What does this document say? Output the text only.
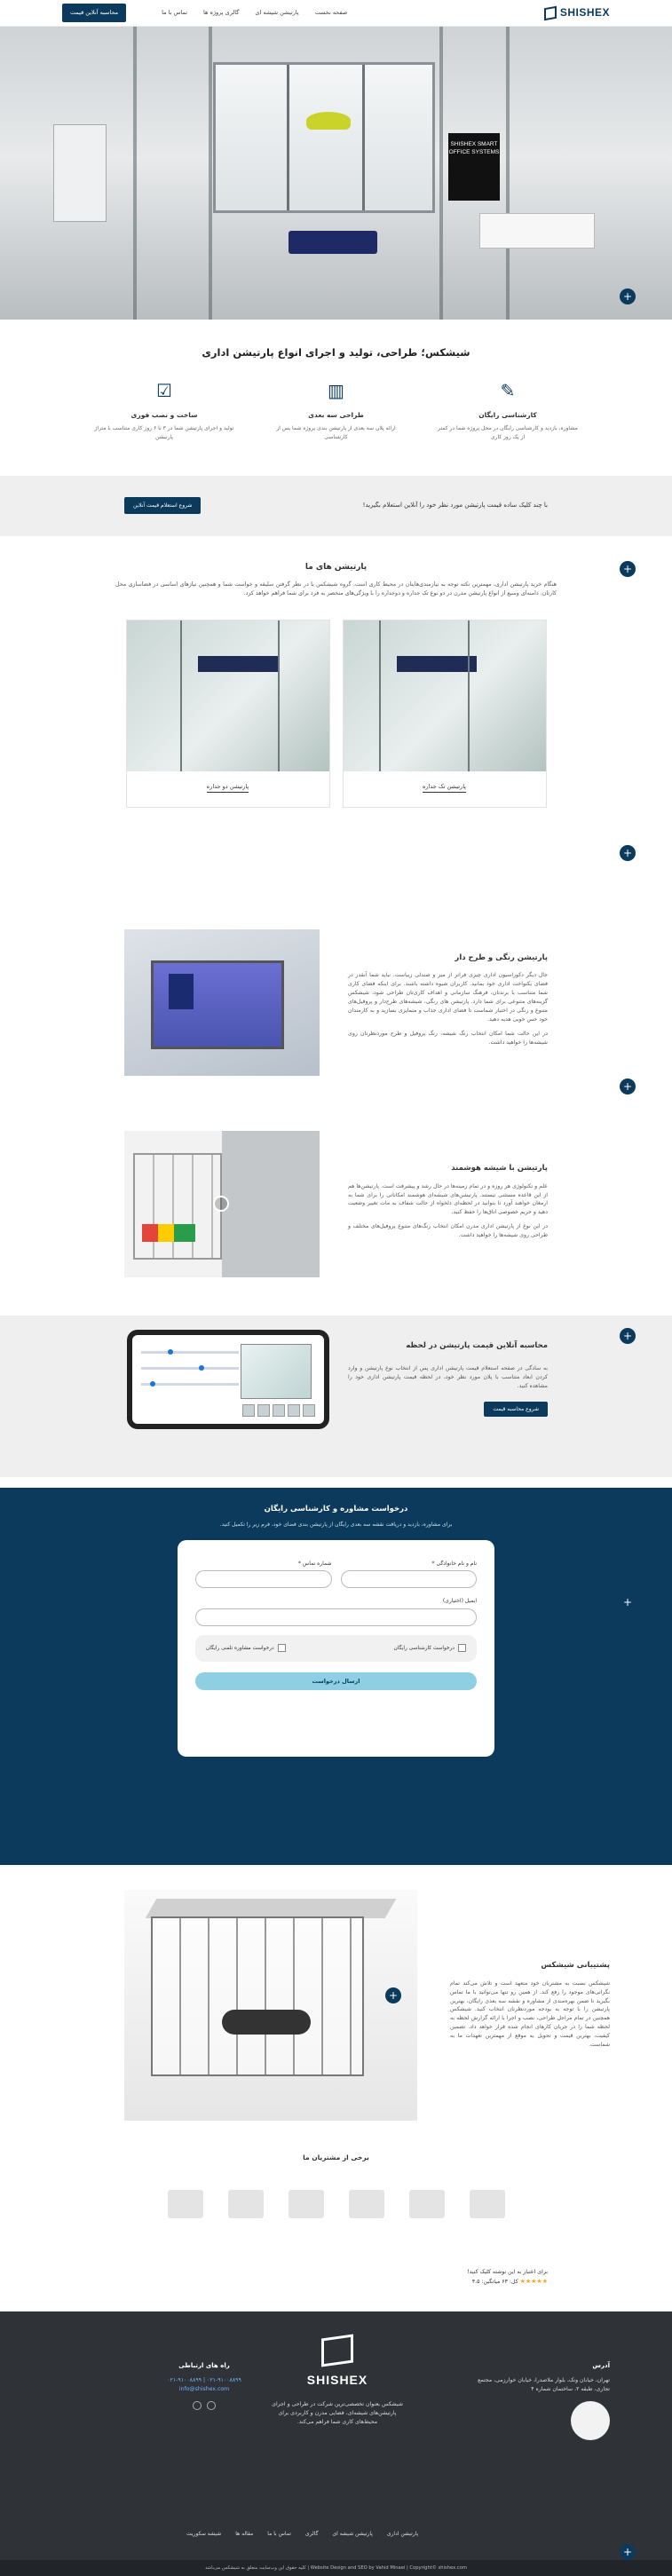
SHISHEX
صفحه نخست
پارتیشن شیشه ای
گالری پروژه ها
تماس با ما
محاسبه آنلاین قیمت
SHISHEX SMART OFFICE SYSTEMS
+
شیشکس؛ طراحی، تولید و اجرای انواع پارتیشن اداری
✎
کارشناسی رایگان

مشاوره، بازدید و کارشناسی رایگان در محل پروژه شما در کمتر از یک روز کاری

▥
طراحی سه بعدی

ارائه پلان سه بعدی از پارتیشن بندی پروژه شما پس از کارشناسی

☑
ساخت و نصب فوری

تولید و اجرای پارتیشن شما در ۳ تا ۶ روز کاری متناسب با متراژ پارتیشن

با چند کلیک ساده قیمت پارتیشن مورد نظر خود را آنلاین استعلام بگیرید!

شروع استعلام قیمت آنلاین
+
پارتیشن های ما

هنگام خرید پارتیشن اداری، مهمترین نکته توجه به نیازمندی‌هایتان در محیط کاری است. گروه شیشکس با در نظر گرفتن سلیقه و خواست شما و همچنین نیازهای اساسی در فضاسازی محل کارتان، دامنه‌ای وسیع از انواع پارتیشن مدرن در دو نوع تک جداره و دوجداره را با ویژگی‌های منحصر به فرد برای شما فراهم خواهد کرد.

پارتیشن تک جداره
پارتیشن دو جداره
+
پارتیشن رنگی و طرح دار

حال دیگر دکوراسیون اداری چیزی فراتر از میز و صندلی زیباست. نباید شما آنقدر در فضای یکنواخت اداری خود بمانید. کاربران شیوه داشته باشند. برای اینکه فضای کاری شما متناسب با برندتان، فرهنگ سازمانی و اهداف کاری‌تان طراحی شود، شیشکس گزینه‌های متنوعی برای شما دارد. پارتیشن های رنگی، شیشه‌های طرح‌دار و پروفیل‌های متنوع و رنگی در اختیار شماست تا فضای اداری جذاب و متمایزی بسازید و به کارمندان خود حس خوبی هدیه دهید.

در این حالت شما امکان انتخاب رنگ شیشه، رنگ پروفیل و طرح موردنظرتان روی شیشه‌ها را خواهید داشت.

+
پارتیشن با شیشه هوشمند

علم و تکنولوژی هر روزه و در تمام زمینه‌ها در حال رشد و پیشرفت است. پارتیشن‌ها هم از این قاعده مستثنی نیستند. پارتیشن‌های شیشه‌ای هوشمند امکاناتی را برای شما به ارمغان خواهند آورد تا بتوانید در لحظه‌ای دلخواه از حالت شفاف به مات تغییر وضعیت دهید و حریم خصوصی اتاق‌ها را حفظ کنید.

در این نوع از پارتیشن اداری مدرن امکان انتخاب رنگ‌های متنوع پروفیل‌های مختلف و طراحی روی شیشه‌ها را خواهید داشت.

+
محاسبه آنلاین قیمت پارتیشن در لحظه

به سادگی در صفحه استعلام قیمت پارتیشن اداری پس از انتخاب نوع پارتیشن و وارد کردن ابعاد متناسب با پلان مورد نظر خود، در لحظه قیمت پارتیشن اداری خود را مشاهده کنید.

شروع محاسبه قیمت
درخواست مشاوره و کارشناسی رایگان

برای مشاوره، بازدید و دریافت نقشه سه بعدی رایگان از پارتیشن بندی فضای خود، فرم زیر را تکمیل کنید.

نام و نام خانوادگی *
شماره تماس *
ایمیل (اختیاری)
درخواست کارشناسی رایگان
درخواست مشاوره تلفنی رایگان
ارسال درخواست
+
پشتیبانی شیشکس

شیشکس نسبت به مشتریان خود متعهد است و تلاش می‌کند تمام نگرانی‌های موجود را رفع کند. از همین رو تنها می‌توانید با ما تماس بگیرید تا ضمن بهره‌مندی از مشاوره و نقشه سه بعدی رایگان، بهترین پارتیشن را با توجه به بودجه موردنظرتان انتخاب کنید. شیشکس همچنین در تمام مراحل طراحی، نصب و اجرا با ارائه گزارش لحظه به لحظه شما را در جریان کارهای انجام شده قرار خواهد داد. تضمین کیفیت، بهترین قیمت و تحویل به موقع از مهمترین تعهدات ما به شماست.

+
برخی از مشتریان ما
برای اعتبار به این نوشته کلیک کنید!
★★★★★ کل: ۶۳ میانگین: ۴.۵
آدرس

تهران، خیابان ونک، بلوار ملاصدرا، خیابان خوارزمی، مجتمع تجاری، طبقه ۲، ساختمان شماره ۴

SHISHEX

شیشکس بعنوان تخصصی‌ترین شرکت در طراحی و اجرای پارتیشن‌های شیشه‌ای، فضایی مدرن و کاربردی برای محیط‌های کاری شما فراهم می‌کند.

راه های ارتباطی

۰۲۱-۹۱۰۰۸۸۹۹ | ۰۲۱-۹۱۰۰۸۸۹۹

info@shishex.com

پارتیشن اداری
پارتیشن شیشه ای
گالری
تماس با ما
مقاله ها
شیشه سکوریت
+
Website Design and SEO by Vahid Minaei | Copyright© shishex.com | کلیه حقوق این وب‌سایت متعلق به شیشکس می‌باشد
